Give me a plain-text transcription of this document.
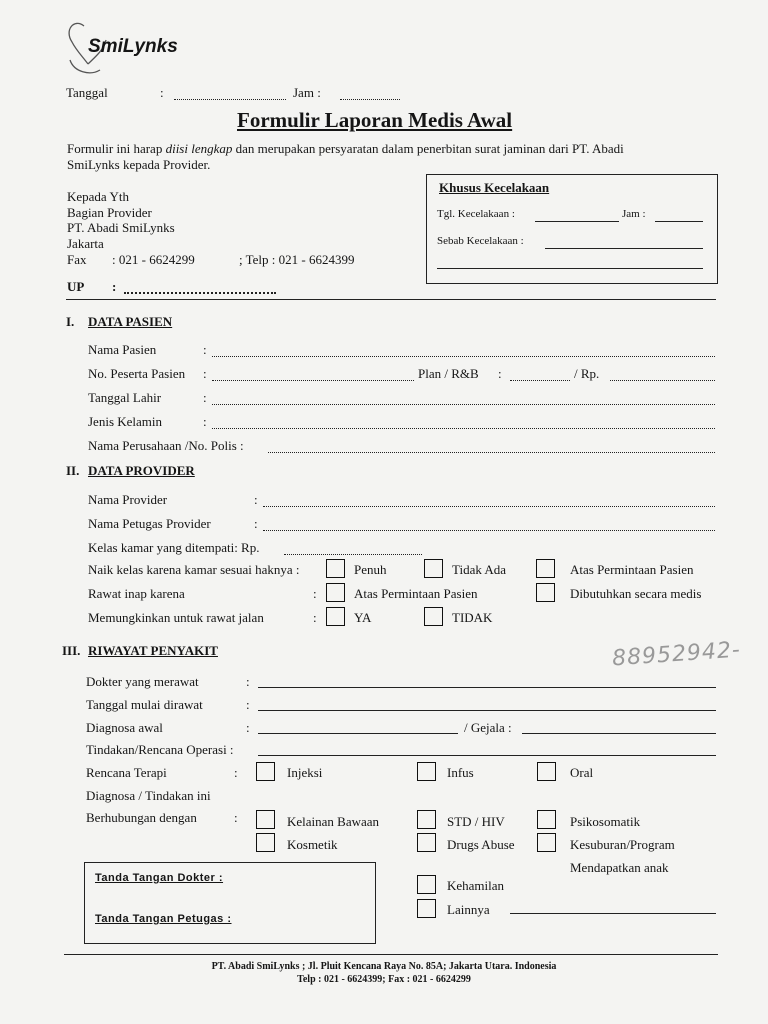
SmiLynks
Tanggal	:	Jam :
Formulir Laporan Medis Awal
Formulir ini harap diisi lengkap dan merupakan persyaratan dalam penerbitan surat jaminan dari PT. Abadi
SmiLynks kepada Provider.
Kepada Yth
Bagian Provider
PT. Abadi SmiLynks
Jakarta
Fax : 021 - 6624299	; Telp : 021 - 6624399
UP :
Khusus Kecelakaan
Tgl. Kecelakaan :	Jam :
Sebab Kecelakaan :
I. DATA PASIEN
Nama Pasien	:
No. Peserta Pasien :	Plan / R&B :	/ Rp.
Tanggal Lahir	:
Jenis Kelamin	:
Nama Perusahaan /No. Polis :
II. DATA PROVIDER
Nama Provider	:
Nama Petugas Provider	:
Kelas kamar yang ditempati: Rp.
Naik kelas karena kamar sesuai haknya :	Penuh	Tidak Ada	Atas Permintaan Pasien
Rawat inap karena	:	Atas Permintaan Pasien	Dibutuhkan secara medis
Memungkinkan untuk rawat jalan	:	YA	TIDAK
III. RIWAYAT PENYAKIT	88952942-
Dokter yang merawat	:
Tanggal mulai dirawat	:
Diagnosa awal	:	/ Gejala :
Tindakan/Rencana Operasi :
Rencana Terapi	:	Injeksi	Infus	Oral
Diagnosa / Tindakan ini
Berhubungan dengan	:	Kelainan Bawaan	STD / HIV	Psikosomatik
Kosmetik	Drugs Abuse	Kesuburan/Program
Mendapatkan anak
Kehamilan
Lainnya
Tanda Tangan Dokter :
Tanda Tangan Petugas :
PT. Abadi SmiLynks ; Jl. Pluit Kencana Raya No. 85A; Jakarta Utara. Indonesia
Telp : 021 - 6624399; Fax : 021 - 6624299
